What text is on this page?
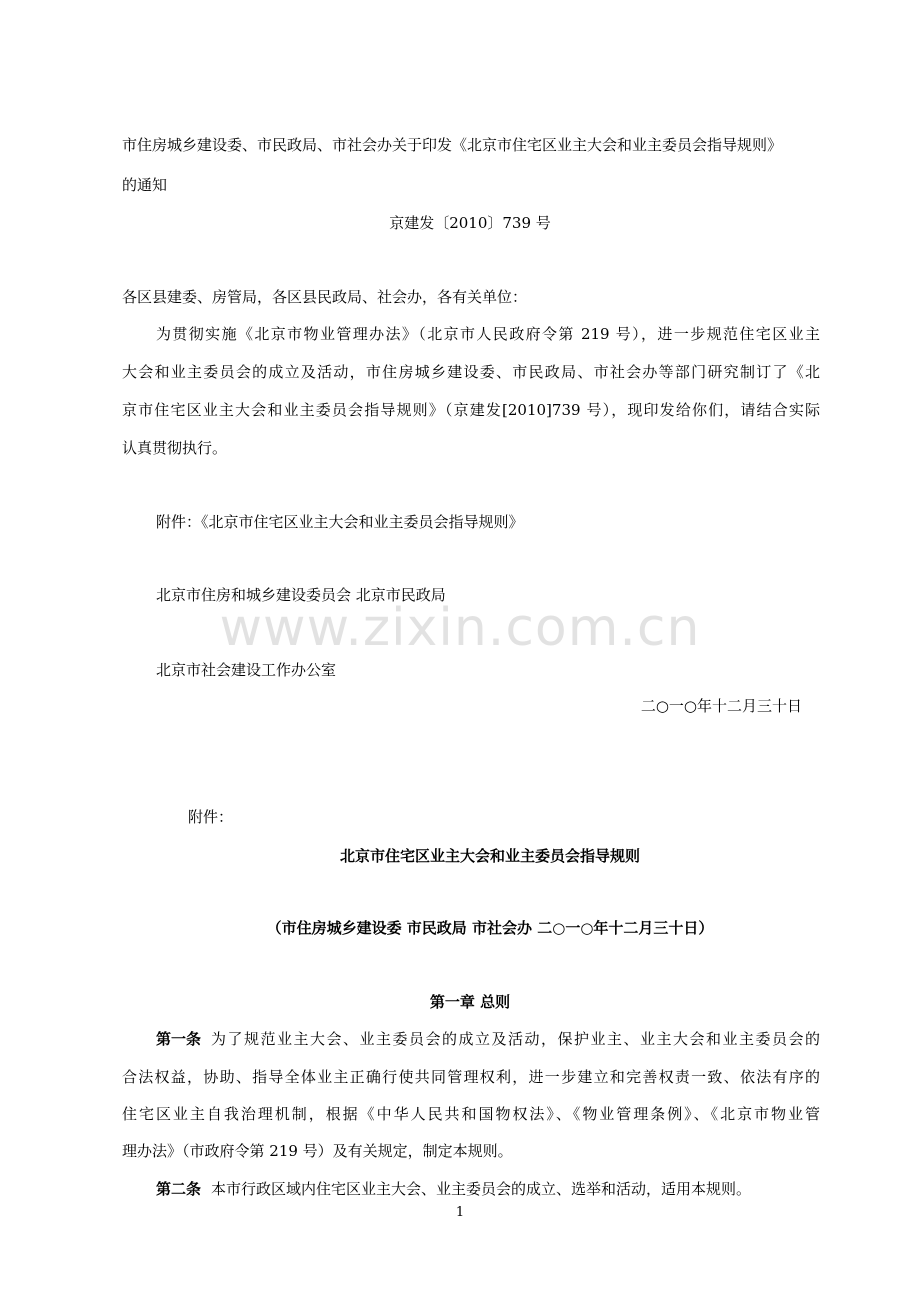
市住房城乡建设委、市民政局、市社会办关于印发《北京市住宅区业主大会和业主委员会指导规则》
的通知
京建发〔2010〕739 号
各区县建委、房管局，各区县民政局、社会办，各有关单位：
为贯彻实施《北京市物业管理办法》（北京市人民政府令第 219 号），进一步规范住宅区业主
大会和业主委员会的成立及活动，市住房城乡建设委、市民政局、市社会办等部门研究制订了《北
京市住宅区业主大会和业主委员会指导规则》（京建发[2010]739 号），现印发给你们，请结合实际
认真贯彻执行。
附件：《北京市住宅区业主大会和业主委员会指导规则》
北京市住房和城乡建设委员会 北京市民政局
北京市社会建设工作办公室
二○一○年十二月三十日
附件：
北京市住宅区业主大会和业主委员会指导规则
（市住房城乡建设委 市民政局 市社会办 二○一○年十二月三十日）
第一章 总则
第一条 为了规范业主大会、业主委员会的成立及活动，保护业主、业主大会和业主委员会的
合法权益，协助、指导全体业主正确行使共同管理权利，进一步建立和完善权责一致、依法有序的
住宅区业主自我治理机制，根据《中华人民共和国物权法》、《物业管理条例》、《北京市物业管
理办法》（市政府令第 219 号）及有关规定，制定本规则。
第二条 本市行政区域内住宅区业主大会、业主委员会的成立、选举和活动，适用本规则。
www.zixin.com.cn
1
